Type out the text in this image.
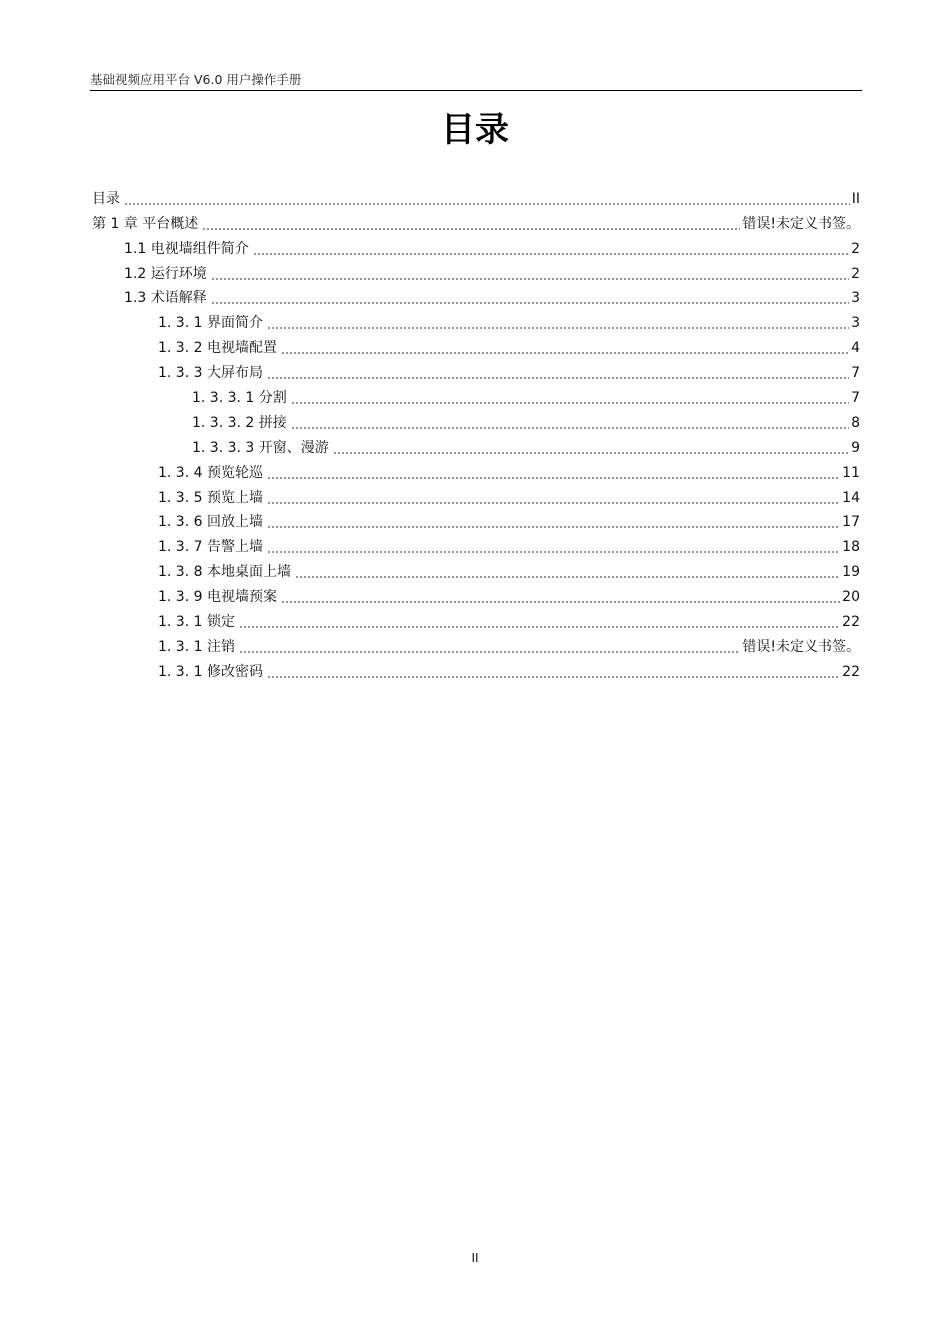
基础视频应用平台 V6.0 用户操作手册
目录
目录	II
第 1 章 平台概述	错误!未定义书签。
1.1 电视墙组件简介	2
1.2 运行环境	2
1.3 术语解释	3
1. 3. 1 界面简介	3
1. 3. 2 电视墙配置	4
1. 3. 3 大屏布局	7
1. 3. 3. 1 分割	7
1. 3. 3. 2 拼接	8
1. 3. 3. 3 开窗、漫游	9
1. 3. 4 预览轮巡	11
1. 3. 5 预览上墙	14
1. 3. 6 回放上墙	17
1. 3. 7 告警上墙	18
1. 3. 8 本地桌面上墙	19
1. 3. 9 电视墙预案	20
1. 3. 1 锁定	22
1. 3. 1 注销	错误!未定义书签。
1. 3. 1 修改密码	22
II
